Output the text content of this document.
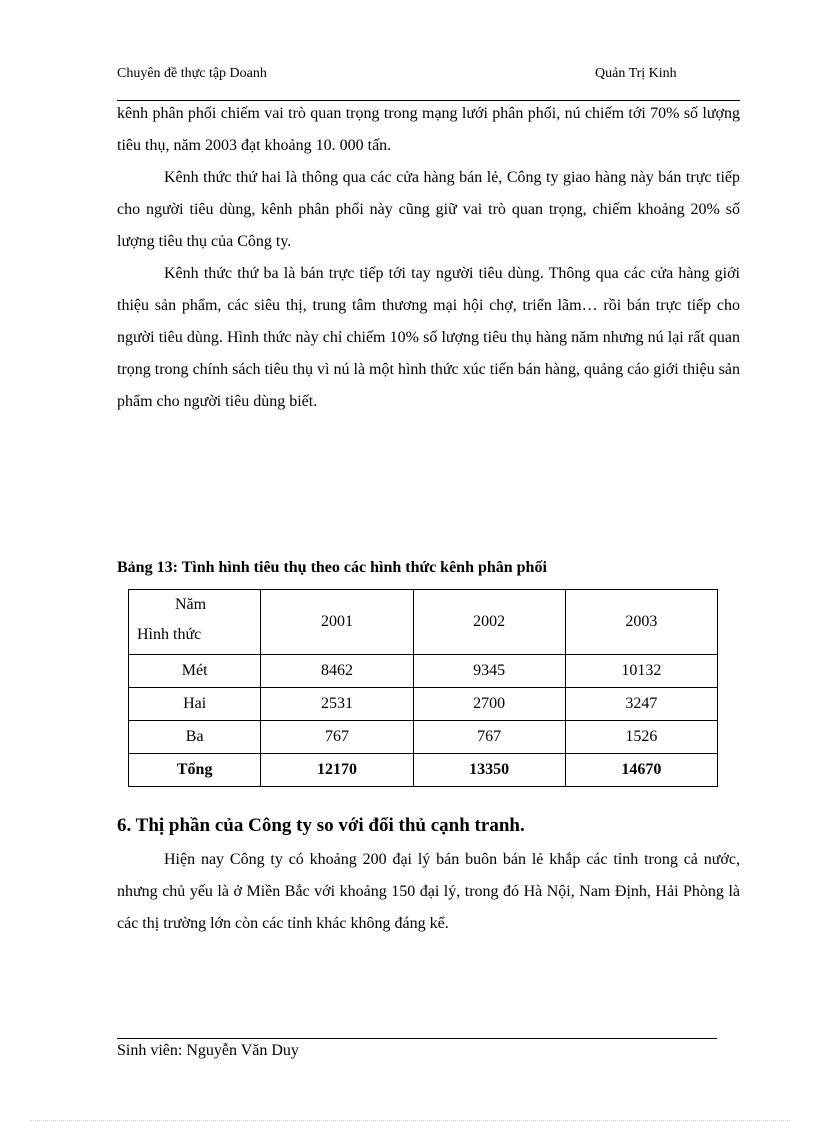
Chuyên đề thực tập Doanh	Quản Trị Kinh

kênh phân phối chiếm vai trò quan trọng trong mạng lưới phân phối, nú chiếm tới 70% số lượng tiêu thụ, năm 2003 đạt khoảng 10. 000 tấn.

Kênh thức thứ hai là thông qua các cửa hàng bán lẻ, Công ty giao hàng này bán trực tiếp cho người tiêu dùng, kênh phân phối này cũng giữ vai trò quan trọng, chiếm khoảng 20% số lượng tiêu thụ của Công ty.

Kênh thức thứ ba là bán trực tiếp tới tay người tiêu dùng. Thông qua các cửa hàng giới thiệu sản phẩm, các siêu thị, trung tâm thương mại hội chợ, triển lãm… rồi bán trực tiếp cho người tiêu dùng. Hình thức này chỉ chiếm 10% số lượng tiêu thụ hàng năm nhưng nú lại rất quan trọng trong chính sách tiêu thụ vì nú là một hình thức xúc tiến bán hàng, quảng cáo giới thiệu sản phẩm cho người tiêu dùng biết.

Bảng 13: Tình hình tiêu thụ theo các hình thức kênh phân phối
Năm
Hình thức	2001	2002	2003
Mét	8462	9345	10132
Hai	2531	2700	3247
Ba	767	767	1526
Tổng	12170	13350	14670
6. Thị phần của Công ty so với đối thủ cạnh tranh.

Hiện nay Công ty có khoảng 200 đại lý bán buôn bán lẻ khắp các tỉnh trong cả nước, nhưng chủ yếu là ở Miền Bắc với khoảng 150 đại lý, trong đó Hà Nội, Nam Định, Hải Phòng là các thị trường lớn còn các tỉnh khác không đáng kể.

Sinh viên: Nguyễn Văn Duy
